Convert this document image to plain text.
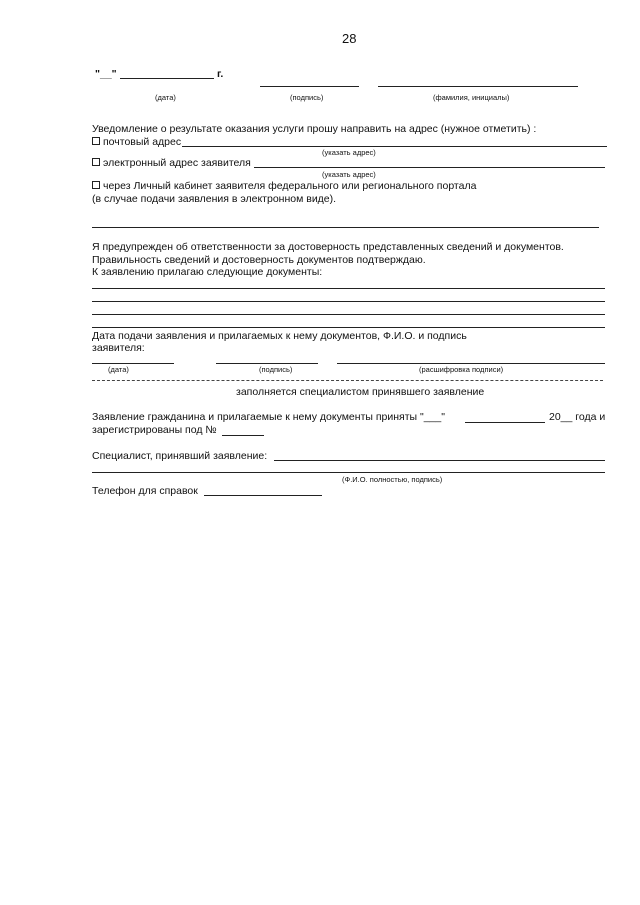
28
"__"	г.
(дата)	(подпись)	(фамилия, инициалы)
Уведомление о результате оказания услуги прошу направить на адрес (нужное отметить) :
почтовый адрес
(указать адрес)
электронный адрес заявителя
(указать адрес)
через Личный кабинет заявителя федерального или регионального портала
(в случае подачи заявления в электронном виде).
Я предупрежден об ответственности за достоверность представленных сведений и документов.
Правильность сведений и достоверность документов подтверждаю.
К заявлению прилагаю следующие документы:
Дата подачи заявления и прилагаемых к нему документов, Ф.И.О. и подпись
заявителя:
(дата)	(подпись)	(расшифровка подписи)
заполняется специалистом принявшего заявление
Заявление гражданина и прилагаемые к нему документы приняты "___"	20__ года и
зарегистрированы под №
Специалист, принявший заявление:
(Ф.И.О. полностью, подпись)
Телефон для справок
